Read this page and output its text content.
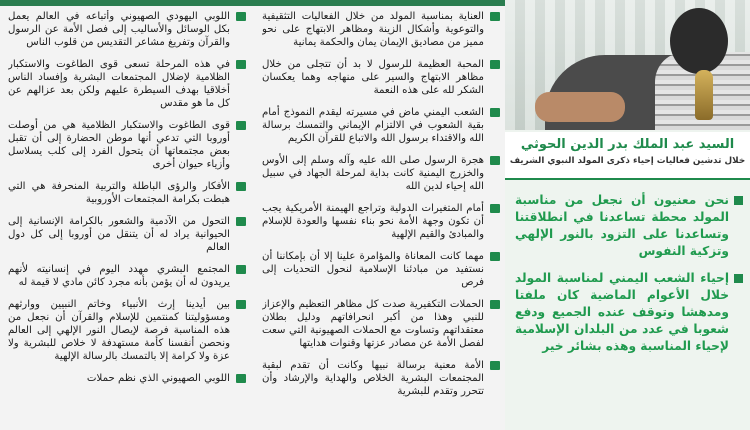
اللوبي اليهودي الصهيوني وأتباعه في العالم يعمل بكل الوسائل والأساليب إلى فصل الأمة عن الرسول والقرآن وتفريغ مشاعر التقديس من قلوب الناس
في هذه المرحلة تسعى قوى الطاغوت والاستكبار الظلامية لإضلال المجتمعات البشرية وإفساد الناس أخلاقيا بهدف السيطرة عليهم ولكن بعد عزالهم عن كل ما هو مقدس
قوى الطاغوت والاستكبار الظلامية هي من أوصلت أوروبا التي تدعي أنها موطن الحضارة إلى أن تقبل بعض مجتمعاتها أن يتحول الفرد إلى كلب يسلاسل وأزياء حيوان أخرى
الأفكار والرؤى الباطلة والتربية المنحرفة هي التي هبطت بكرامة المجتمعات الأوروبية
التحول من الآدمية والشعور بالكرامة الإنسانية إلى الحيوانية يراد له أن يتنقل من أوروبا إلى كل دول العالم
المجتمع البشري مهدد اليوم في إنسانيته لأنهم يريدون له أن يؤمن بأنه مجرد كائن مادي لا قيمة له
بين أيدينا إرث الأنبياء وخاتم النبيين ووارثهم ومسؤوليتنا كمنتمين للإسلام والقرآن أن نجعل من هذه المناسبة فرصة لإيصال النور الإلهي إلى العالم ونحصن أنفسنا كأمة مستهدفة لا خلاص للبشرية ولا عزة ولا كرامة إلا بالتمسك بالرسالة الإلهية
اللوبي الصهيوني الذي نظم حملات
العناية بمناسبة المولد من خلال الفعاليات التثقيفية والتوعوية وأشكال الزينة ومظاهر الابتهاج على نحو مميز من مصاديق الإيمان يمان والحكمة يمانية
المحبة العظيمة للرسول لا بد أن تتجلى من خلال مظاهر الابتهاج والسير على منهاجه وهما يعكسان الشكر لله على هذه النعمة
الشعب اليمني ماض في مسيرته ليقدم النموذج أمام بقية الشعوب في الالتزام الإيماني والتمسك برسالة الله والاقتداء برسول الله والاتباع للقرآن الكريم
هجرة الرسول صلى الله عليه وآله وسلم إلى الأوس والخزرج اليمنية كانت بداية لمرحلة الجهاد في سبيل الله إحياء لدين الله
أمام المتغيرات الدولية وتراجع الهيمنة الأمريكية يجب أن تكون وجهة الأمة نحو بناء نفسها والعودة للإسلام والمبادئ والقيم الإلهية
مهما كانت المعاناة والمؤامرة علينا إلا أن بإمكاننا أن نستفيد من مبادئنا الإسلامية لنحول التحديات إلى فرص
الحملات التكفيرية صدت كل مظاهر التعظيم والإعزاز للنبي وهذا من أكبر انحرافاتهم ودليل بطلان معتقداتهم وتساوت مع الحملات الصهيونية التي سعت لفصل الأمة عن مصادر عزتها وقنوات هدايتها
الأمة معنية برسالة نبيها وكانت أن تقدم لبقية المجتمعات البشرية الخلاص والهداية والإرشاد وأن تتحرر وتقدم للبشرية
السيد عبد الملك بدر الدين الحوثي
خلال تدشين فعاليات إحياء ذكرى المولد النبوي الشريف
نحن معنيون أن نجعل من مناسبة المولد محطة تساعدنا في انطلاقتنا وتساعدنا على التزود بالنور الإلهي وتزكية النفوس
إحياء الشعب اليمني لمناسبة المولد خلال الأعوام الماضية كان ملفتا ومدهشا وتوقف عنده الجميع ودفع شعوبا في عدد من البلدان الإسلامية لإحياء المناسبة وهذه بشائر خير
